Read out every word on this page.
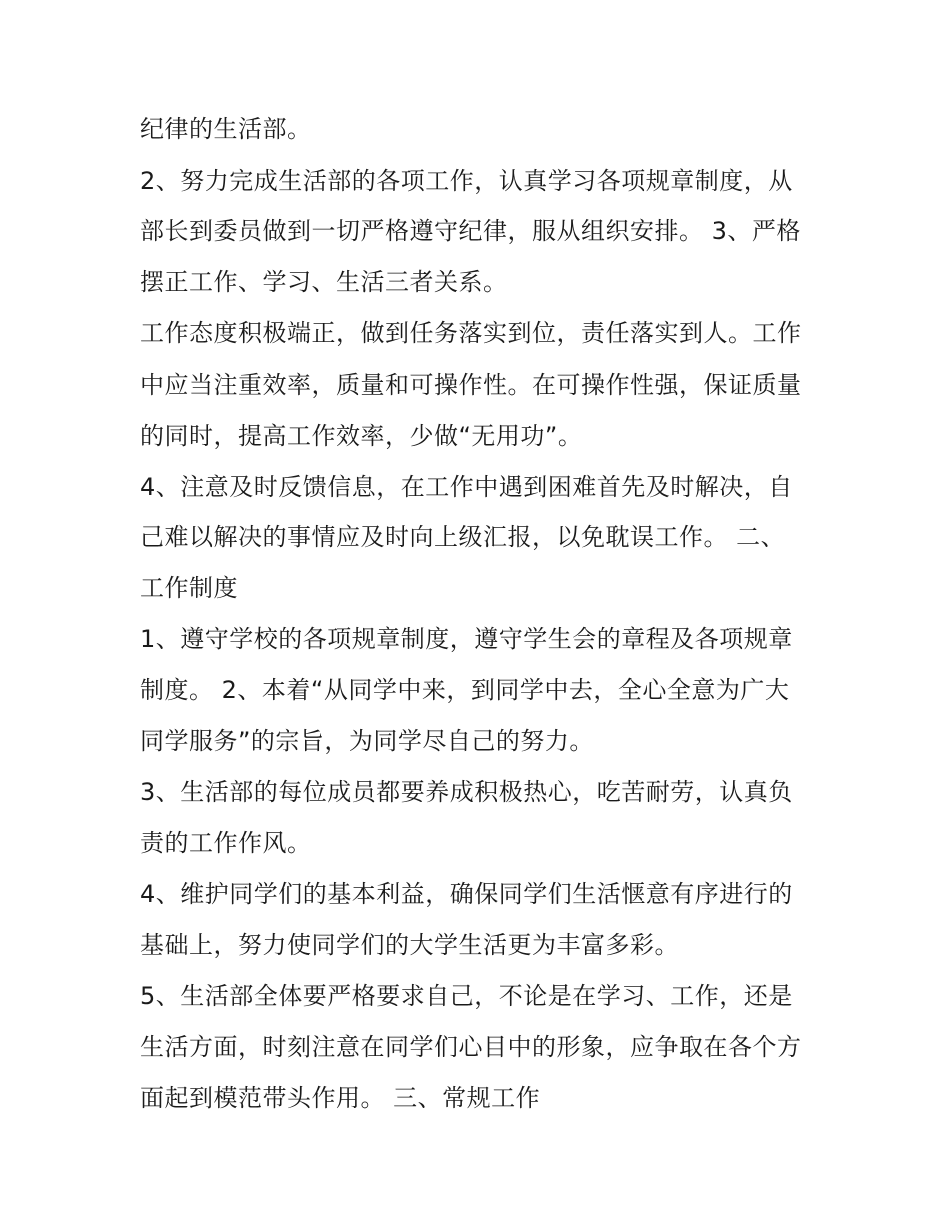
纪律的生活部。
2、努力完成生活部的各项工作，认真学习各项规章制度，从
部长到委员做到一切严格遵守纪律，服从组织安排。 3、严格
摆正工作、学习、生活三者关系。
工作态度积极端正，做到任务落实到位，责任落实到人。工作
中应当注重效率，质量和可操作性。在可操作性强，保证质量
的同时，提高工作效率，少做“无用功”。
4、注意及时反馈信息，在工作中遇到困难首先及时解决，自
己难以解决的事情应及时向上级汇报，以免耽误工作。 二、
工作制度
1、遵守学校的各项规章制度，遵守学生会的章程及各项规章
制度。 2、本着“从同学中来，到同学中去，全心全意为广大
同学服务”的宗旨，为同学尽自己的努力。
3、生活部的每位成员都要养成积极热心，吃苦耐劳，认真负
责的工作作风。
4、维护同学们的基本利益，确保同学们生活惬意有序进行的
基础上，努力使同学们的大学生活更为丰富多彩。
5、生活部全体要严格要求自己，不论是在学习、工作，还是
生活方面，时刻注意在同学们心目中的形象，应争取在各个方
面起到模范带头作用。 三、常规工作
